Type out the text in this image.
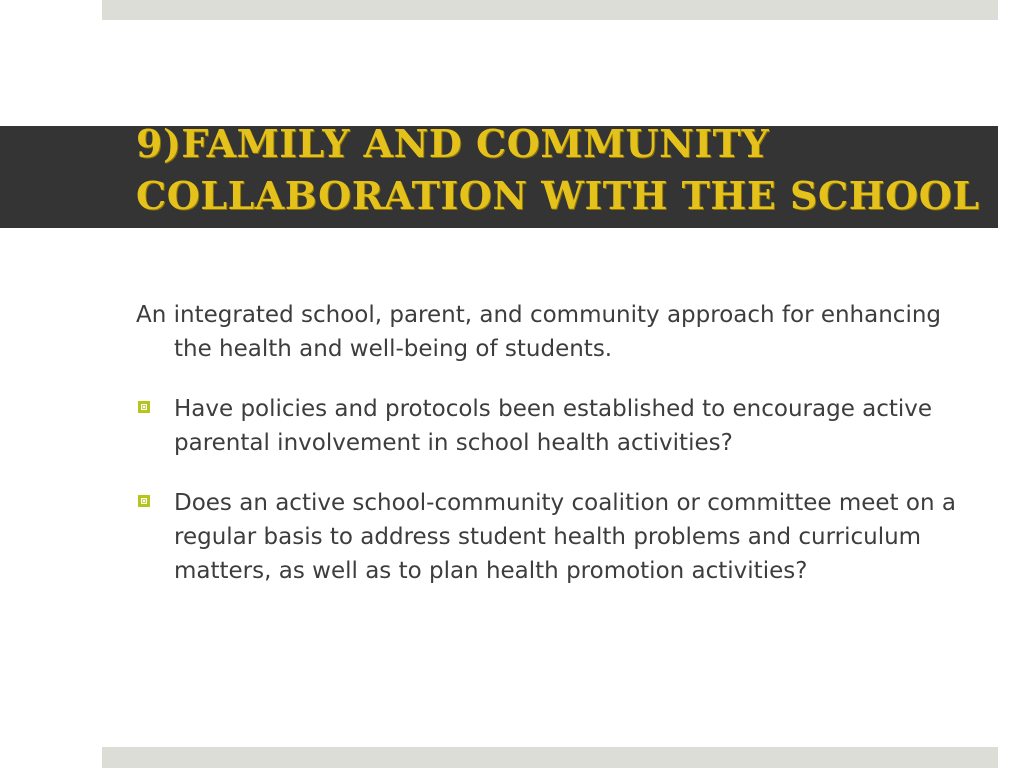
9)FAMILY AND COMMUNITY
COLLABORATION WITH THE SCHOOL

An integrated school, parent, and community approach for enhancing the health and well-being of students.

Have policies and protocols been established to encourage active parental involvement in school health activities?
Does an active school-community coalition or committee meet on a regular basis to address student health problems and curriculum matters, as well as to plan health promotion activities?
